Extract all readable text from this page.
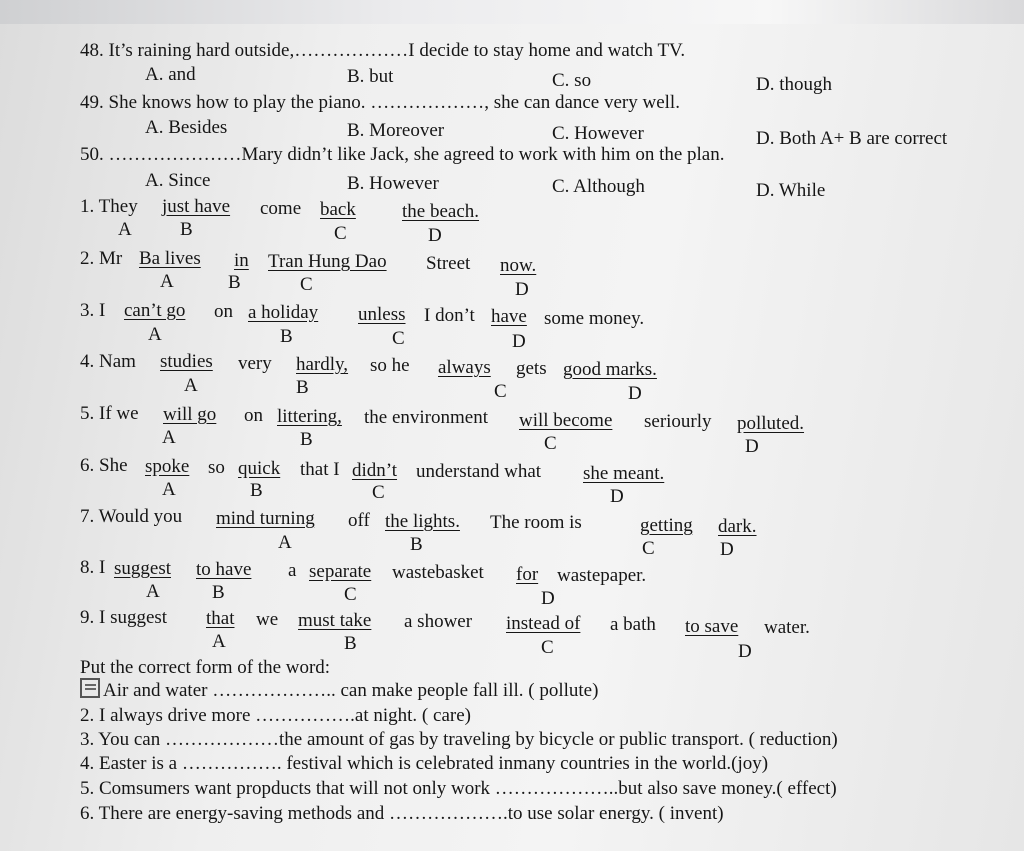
48. It’s raining hard outside,………………I decide to stay home and watch TV.
A. and	B. but	C. so	D. though
49. She knows how to play the piano. ………………, she can dance very well.
A. Besides	B. Moreover	C. However	D. Both A+ B are correct
50. …………………Mary didn’t like Jack, she agreed to work with him on the plan.
A. Since	B. However	C. Although	D. While
1. They just have come back the beach.
A	B	C	D
2. Mr Ba lives in Tran Hung Dao Street now.
A	B	C	D
3. I can’t go on a holiday unless I don’t have some money.
A	B	C	D
4. Nam studies very hardly, so he always gets good marks.
A	B	C	D
5. If we will go on littering, the environment will become seriourly polluted.
A	B	C	D
6. She spoke so quick that I didn’t understand what she meant.
A	B	C	D
7. Would you mind turning off the lights. The room is	getting dark.
A	B	C	D
8. I suggest to have a separate wastebasket for wastepaper.
A	B	C	D
9. I suggest that we must take a shower instead of a bath to save water.
A	B	C	D
Put the correct form of the word:
Air and water ……………….. can make people fall ill. ( pollute)
2. I always drive more …………….at night. ( care)
3. You can ………………the amount of gas by traveling by bicycle or public transport. ( reduction)
4. Easter is a ……………. festival which is celebrated inmany countries in the world.(joy)
5. Comsumers want propducts that will not only work ………………..but also save money.( effect)
6. There are energy-saving methods and ……………….to use solar energy. ( invent)
